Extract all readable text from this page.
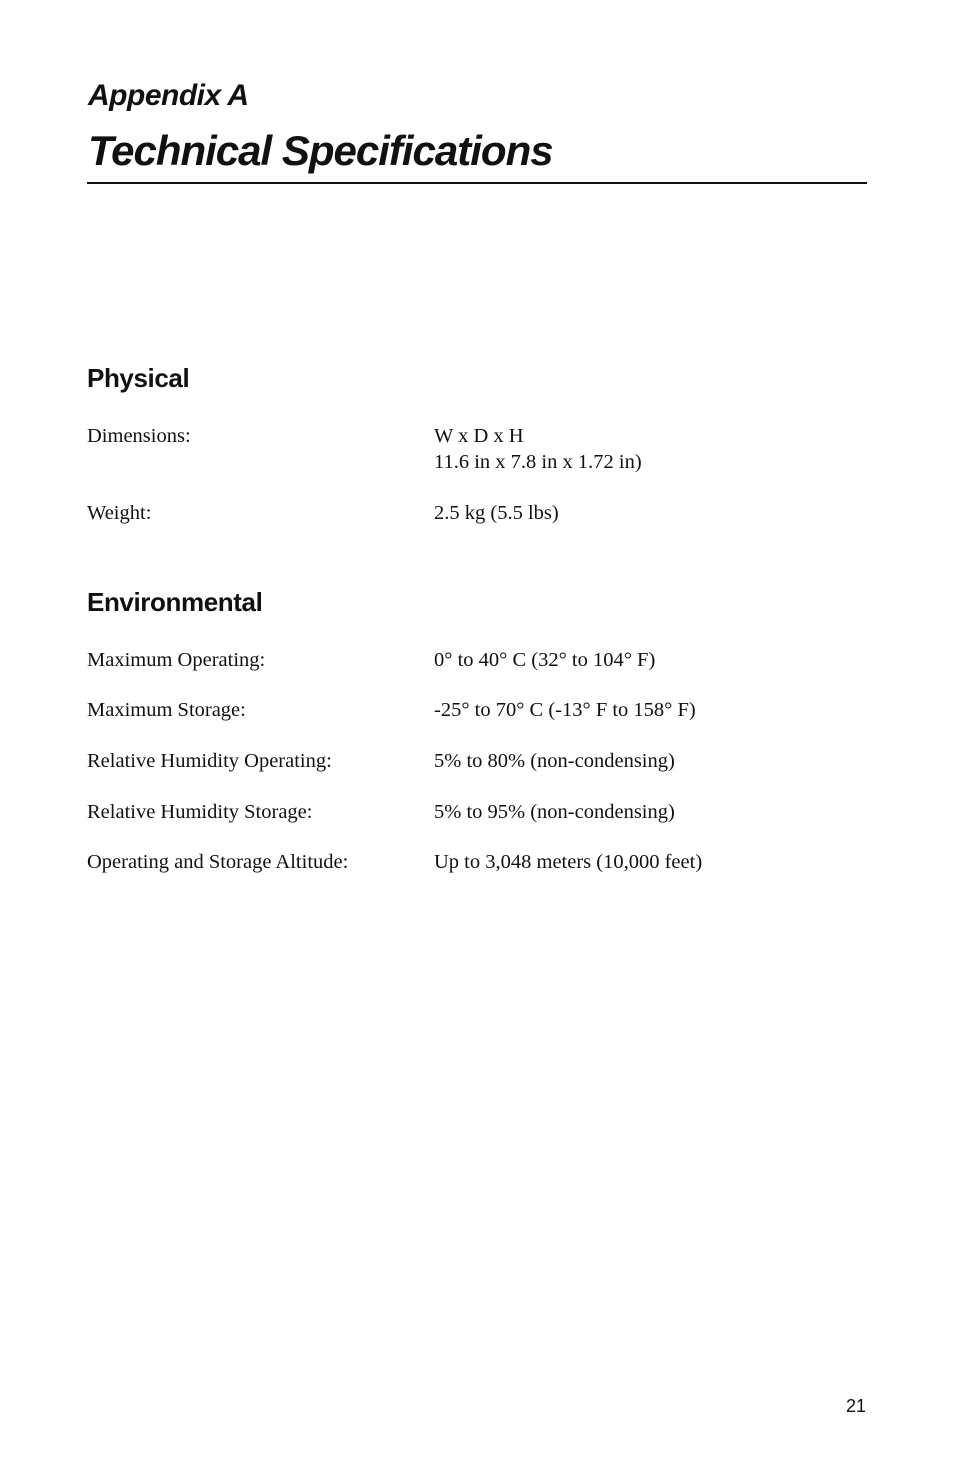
Appendix A
Technical Specifications
Physical
Dimensions:	W x D x H
11.6 in x 7.8 in x 1.72 in)
Weight:	2.5 kg (5.5 lbs)
Environmental
Maximum Operating:	0° to 40° C (32° to 104° F)
Maximum Storage:	-25° to 70° C (-13° F to 158° F)
Relative Humidity Operating:	5% to 80% (non-condensing)
Relative Humidity Storage:	5% to 95% (non-condensing)
Operating and Storage Altitude:	Up to 3,048 meters (10,000 feet)
21
